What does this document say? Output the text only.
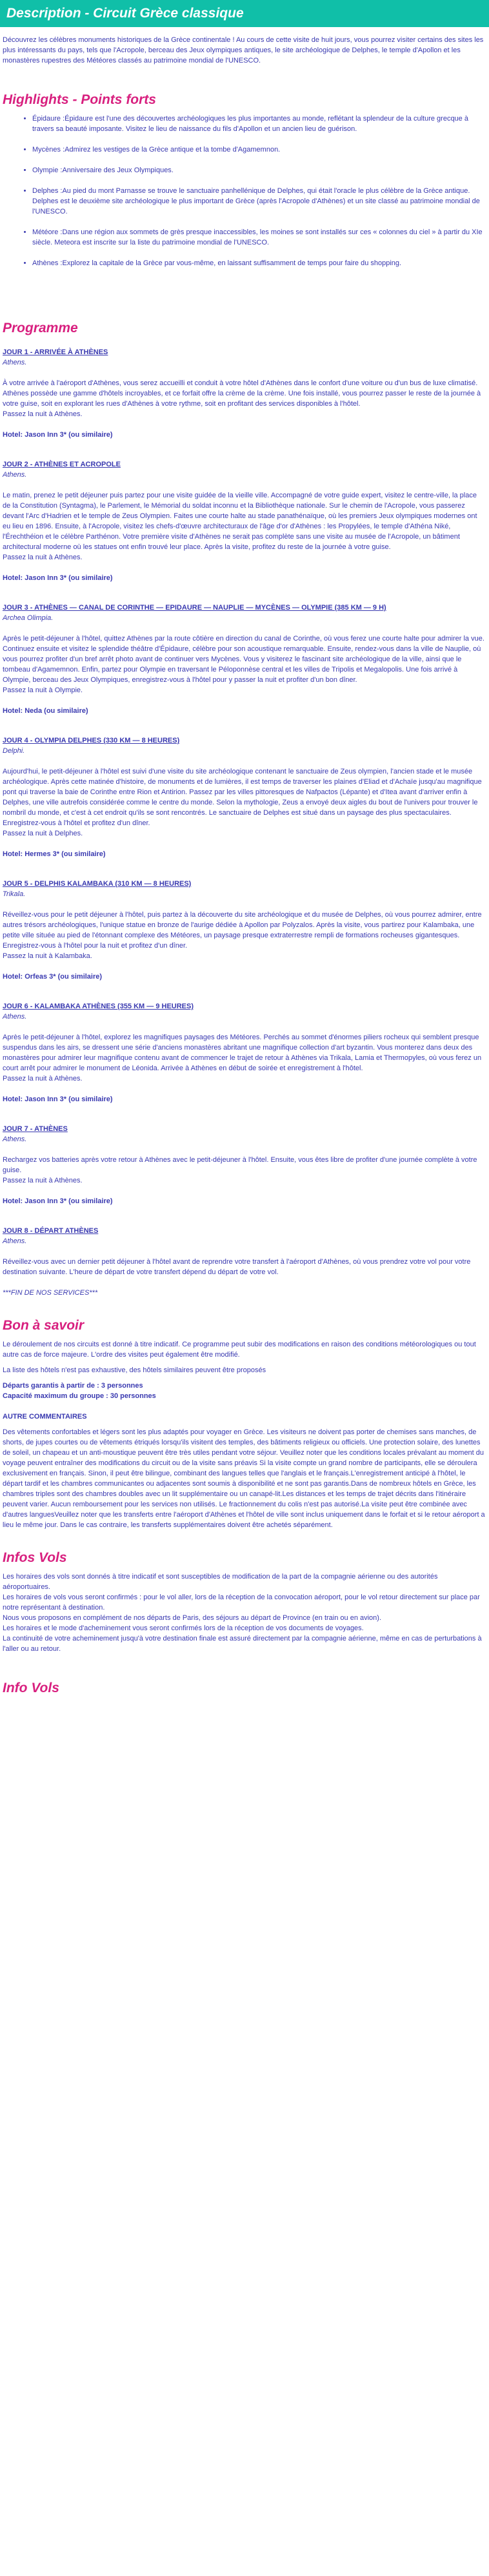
Description - Circuit Grèce classique

Découvrez les célèbres monuments historiques de la Grèce continentale ! Au cours de cette visite de huit jours, vous pourrez visiter certains des sites les plus intéressants du pays, tels que l'Acropole, berceau des Jeux olympiques antiques, le site archéologique de Delphes, le temple d'Apollon et les monastères rupestres des Météores classés au patrimoine mondial de l'UNESCO.

Highlights - Points forts
• Épidaure :Épidaure est l'une des découvertes archéologiques les plus importantes au monde, reflétant la splendeur de la culture grecque à travers sa beauté imposante. Visitez le lieu de naissance du fils d'Apollon et un ancien lieu de guérison.
• Mycènes :Admirez les vestiges de la Grèce antique et la tombe d'Agamemnon.
• Olympie :Anniversaire des Jeux Olympiques.
• Delphes :Au pied du mont Parnasse se trouve le sanctuaire panhellénique de Delphes, qui était l'oracle le plus célèbre de la Grèce antique. Delphes est le deuxième site archéologique le plus important de Grèce (après l'Acropole d'Athènes) et un site classé au patrimoine mondial de l'UNESCO.
• Météore :Dans une région aux sommets de grès presque inaccessibles, les moines se sont installés sur ces « colonnes du ciel » à partir du XIe siècle. Meteora est inscrite sur la liste du patrimoine mondial de l'UNESCO.
• Athènes :Explorez la capitale de la Grèce par vous-même, en laissant suffisamment de temps pour faire du shopping.
Programme
JOUR 1 - ARRIVÉE À ATHÈNES
Athens.

À votre arrivée à l'aéroport d'Athènes, vous serez accueilli et conduit à votre hôtel d'Athènes dans le confort d'une voiture ou d'un bus de luxe climatisé. Athènes possède une gamme d'hôtels incroyables, et ce forfait offre la crème de la crème. Une fois installé, vous pourrez passer le reste de la journée à votre guise, soit en explorant les rues d'Athènes à votre rythme, soit en profitant des services disponibles à l'hôtel.

Passez la nuit à Athènes.

Hotel: Jason Inn 3* (ou similaire)
JOUR 2 - ATHÈNES ET ACROPOLE
Athens.

Le matin, prenez le petit déjeuner puis partez pour une visite guidée de la vieille ville. Accompagné de votre guide expert, visitez le centre-ville, la place de la Constitution (Syntagma), le Parlement, le Mémorial du soldat inconnu et la Bibliothèque nationale. Sur le chemin de l'Acropole, vous passerez devant l'Arc d'Hadrien et le temple de Zeus Olympien. Faites une courte halte au stade panathénaïque, où les premiers Jeux olympiques modernes ont eu lieu en 1896. Ensuite, à l'Acropole, visitez les chefs-d'œuvre architecturaux de l'âge d'or d'Athènes : les Propylées, le temple d'Athéna Niké, l'Érechthéion et le célèbre Parthénon. Votre première visite d'Athènes ne serait pas complète sans une visite au musée de l'Acropole, un bâtiment architectural moderne où les statues ont enfin trouvé leur place. Après la visite, profitez du reste de la journée à votre guise.

Passez la nuit à Athènes.

Hotel: Jason Inn 3* (ou similaire)
JOUR 3 - ATHÈNES — CANAL DE CORINTHE — EPIDAURE — NAUPLIE — MYCÈNES — OLYMPIE (385 KM — 9 H)
Archea Olimpia.

Après le petit-déjeuner à l'hôtel, quittez Athènes par la route côtière en direction du canal de Corinthe, où vous ferez une courte halte pour admirer la vue. Continuez ensuite et visitez le splendide théâtre d'Épidaure, célèbre pour son acoustique remarquable. Ensuite, rendez-vous dans la ville de Nauplie, où vous pourrez profiter d'un bref arrêt photo avant de continuer vers Mycènes. Vous y visiterez le fascinant site archéologique de la ville, ainsi que le tombeau d'Agamemnon. Enfin, partez pour Olympie en traversant le Péloponnèse central et les villes de Tripolis et Megalopolis. Une fois arrivé à Olympie, berceau des Jeux Olympiques, enregistrez-vous à l'hôtel pour y passer la nuit et profiter d'un bon dîner.

Passez la nuit à Olympie.

Hotel: Neda (ou similaire)
JOUR 4 - OLYMPIA DELPHES (330 KM — 8 HEURES)
Delphi.

Aujourd'hui, le petit-déjeuner à l'hôtel est suivi d'une visite du site archéologique contenant le sanctuaire de Zeus olympien, l'ancien stade et le musée archéologique. Après cette matinée d'histoire, de monuments et de lumières, il est temps de traverser les plaines d'Eliad et d'Achaïe jusqu'au magnifique pont qui traverse la baie de Corinthe entre Rion et Antirion. Passez par les villes pittoresques de Nafpactos (Lépante) et d'Itea avant d'arriver enfin à Delphes, une ville autrefois considérée comme le centre du monde. Selon la mythologie, Zeus a envoyé deux aigles du bout de l'univers pour trouver le nombril du monde, et c'est à cet endroit qu'ils se sont rencontrés. Le sanctuaire de Delphes est situé dans un paysage des plus spectaculaires. Enregistrez-vous à l'hôtel et profitez d'un dîner.

Passez la nuit à Delphes.

Hotel: Hermes 3* (ou similaire)
JOUR 5 - DELPHIS KALAMBAKA (310 KM — 8 HEURES)
Trikala.

Réveillez-vous pour le petit déjeuner à l'hôtel, puis partez à la découverte du site archéologique et du musée de Delphes, où vous pourrez admirer, entre autres trésors archéologiques, l'unique statue en bronze de l'aurige dédiée à Apollon par Polyzalos. Après la visite, vous partirez pour Kalambaka, une petite ville située au pied de l'étonnant complexe des Météores, un paysage presque extraterrestre rempli de formations rocheuses gigantesques. Enregistrez-vous à l'hôtel pour la nuit et profitez d'un dîner.

Passez la nuit à Kalambaka.

Hotel: Orfeas 3* (ou similaire)
JOUR 6 - KALAMBAKA ATHÈNES (355 KM — 9 HEURES)
Athens.

Après le petit-déjeuner à l'hôtel, explorez les magnifiques paysages des Météores. Perchés au sommet d'énormes piliers rocheux qui semblent presque suspendus dans les airs, se dressent une série d'anciens monastères abritant une magnifique collection d'art byzantin. Vous monterez dans deux des monastères pour admirer leur magnifique contenu avant de commencer le trajet de retour à Athènes via Trikala, Lamia et Thermopyles, où vous ferez un court arrêt pour admirer le monument de Léonida. Arrivée à Athènes en début de soirée et enregistrement à l'hôtel.

Passez la nuit à Athènes.

Hotel: Jason Inn 3* (ou similaire)
JOUR 7 - ATHÈNES
Athens.

Rechargez vos batteries après votre retour à Athènes avec le petit-déjeuner à l'hôtel. Ensuite, vous êtes libre de profiter d'une journée complète à votre guise.

Passez la nuit à Athènes.

Hotel: Jason Inn 3* (ou similaire)
JOUR 8 - DÉPART ATHÈNES
Athens.

Réveillez-vous avec un dernier petit déjeuner à l'hôtel avant de reprendre votre transfert à l'aéroport d'Athènes, où vous prendrez votre vol pour votre destination suivante. L'heure de départ de votre transfert dépend du départ de votre vol.

***FIN DE NOS SERVICES***

Bon à savoir

Le déroulement de nos circuits est donné à titre indicatif. Ce programme peut subir des modifications en raison des conditions météorologiques ou tout autre cas de force majeure. L'ordre des visites peut également être modifié.

La liste des hôtels n'est pas exhaustive, des hôtels similaires peuvent être proposés

Départs garantis à partir de : 3 personnes

Capacité maximum du groupe : 30 personnes

AUTRE COMMENTAIRES

Des vêtements confortables et légers sont les plus adaptés pour voyager en Grèce. Les visiteurs ne doivent pas porter de chemises sans manches, de shorts, de jupes courtes ou de vêtements étriqués lorsqu'ils visitent des temples, des bâtiments religieux ou officiels. Une protection solaire, des lunettes de soleil, un chapeau et un anti-moustique peuvent être très utiles pendant votre séjour. Veuillez noter que les conditions locales prévalant au moment du voyage peuvent entraîner des modifications du circuit ou de la visite sans préavis Si la visite compte un grand nombre de participants, elle se déroulera exclusivement en français. Sinon, il peut être bilingue, combinant des langues telles que l'anglais et le français.L'enregistrement anticipé à l'hôtel, le départ tardif et les chambres communicantes ou adjacentes sont soumis à disponibilité et ne sont pas garantis.Dans de nombreux hôtels en Grèce, les chambres triples sont des chambres doubles avec un lit supplémentaire ou un canapé-lit.Les distances et les temps de trajet décrits dans l'itinéraire peuvent varier. Aucun remboursement pour les services non utilisés. Le fractionnement du colis n'est pas autorisé.La visite peut être combinée avec d'autres languesVeuillez noter que les transferts entre l'aéroport d'Athènes et l'hôtel de ville sont inclus uniquement dans le forfait et si le retour aéroport a lieu le même jour. Dans le cas contraire, les transferts supplémentaires doivent être achetés séparément.

Infos Vols

Les horaires des vols sont donnés à titre indicatif et sont susceptibles de modification de la part de la compagnie aérienne ou des autorités aéroportuaires.

Les horaires de vols vous seront confirmés : pour le vol aller, lors de la réception de la convocation aéroport, pour le vol retour directement sur place par notre représentant à destination.

Nous vous proposons en complément de nos départs de Paris, des séjours au départ de Province (en train ou en avion).

Les horaires et le mode d'acheminement vous seront confirmés lors de la réception de vos documents de voyages.

La continuité de votre acheminement jusqu'à votre destination finale est assuré directement par la compagnie aérienne, même en cas de perturbations à l'aller ou au retour.

Info Vols
